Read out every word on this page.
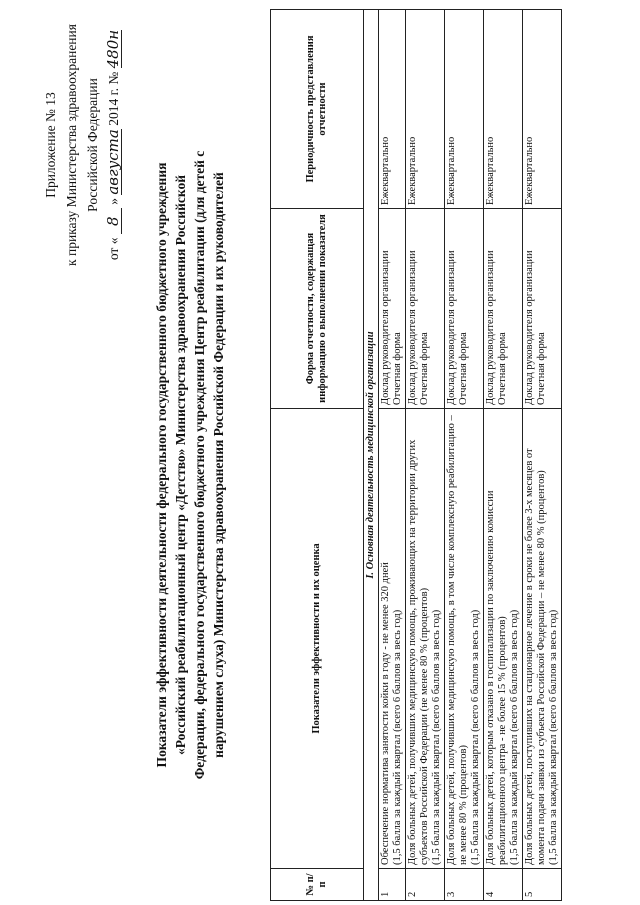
Приложение № 13 к приказу Министерства здравоохранения Российской Федерации
от « 8 » августа 2014 г. № 480н
Показатели эффективности деятельности федерального государственного бюджетного учреждения «Российский реабилитационный центр «Детство» Министерства здравоохранения Российской Федерации, федерального государственного бюджетного учреждения Центр реабилитации (для детей с нарушением слуха) Министерства здравоохранения Российской Федерации и их руководителей
№ п/п	Показатели эффективности и их оценка	Форма отчетности, содержащая информацию о выполнении показателя	Периодичность представления отчетности
I. Основная деятельность медицинской организации			
1	Обеспечение норматива занятости койки в году - не менее 320 дней (1,5 балла за каждый квартал (всего 6 баллов за весь год)	Доклад руководителя организации Отчетная форма	Ежеквартально
2	Доля больных детей, получивших медицинскую помощь, проживающих на территории других субъектов Российской Федерации (не менее 80 % (процентов) (1,5 балла за каждый квартал (всего 6 баллов за весь год)	Доклад руководителя организации Отчетная форма	Ежеквартально
3	Доля больных детей, получивших медицинскую помощь, в том числе комплексную реабилитацию – не менее 80 % (процентов) (1,5 балла за каждый квартал (всего 6 баллов за весь год)	Доклад руководителя организации Отчетная форма	Ежеквартально
4	Доля больных детей, которым отказано в госпитализации по заключению комиссии реабилитационного центра - не более 15 % (процентов) (1,5 балла за каждый квартал (всего 6 баллов за весь год)	Доклад руководителя организации Отчетная форма	Ежеквартально
5	Доля больных детей, поступивших на стационарное лечение в сроки не более 3-х месяцев от момента подачи заявки из субъекта Российской Федерации – не менее 80 % (процентов) (1,5 балла за каждый квартал (всего 6 баллов за весь год)	Доклад руководителя организации Отчетная форма	Ежеквартально
